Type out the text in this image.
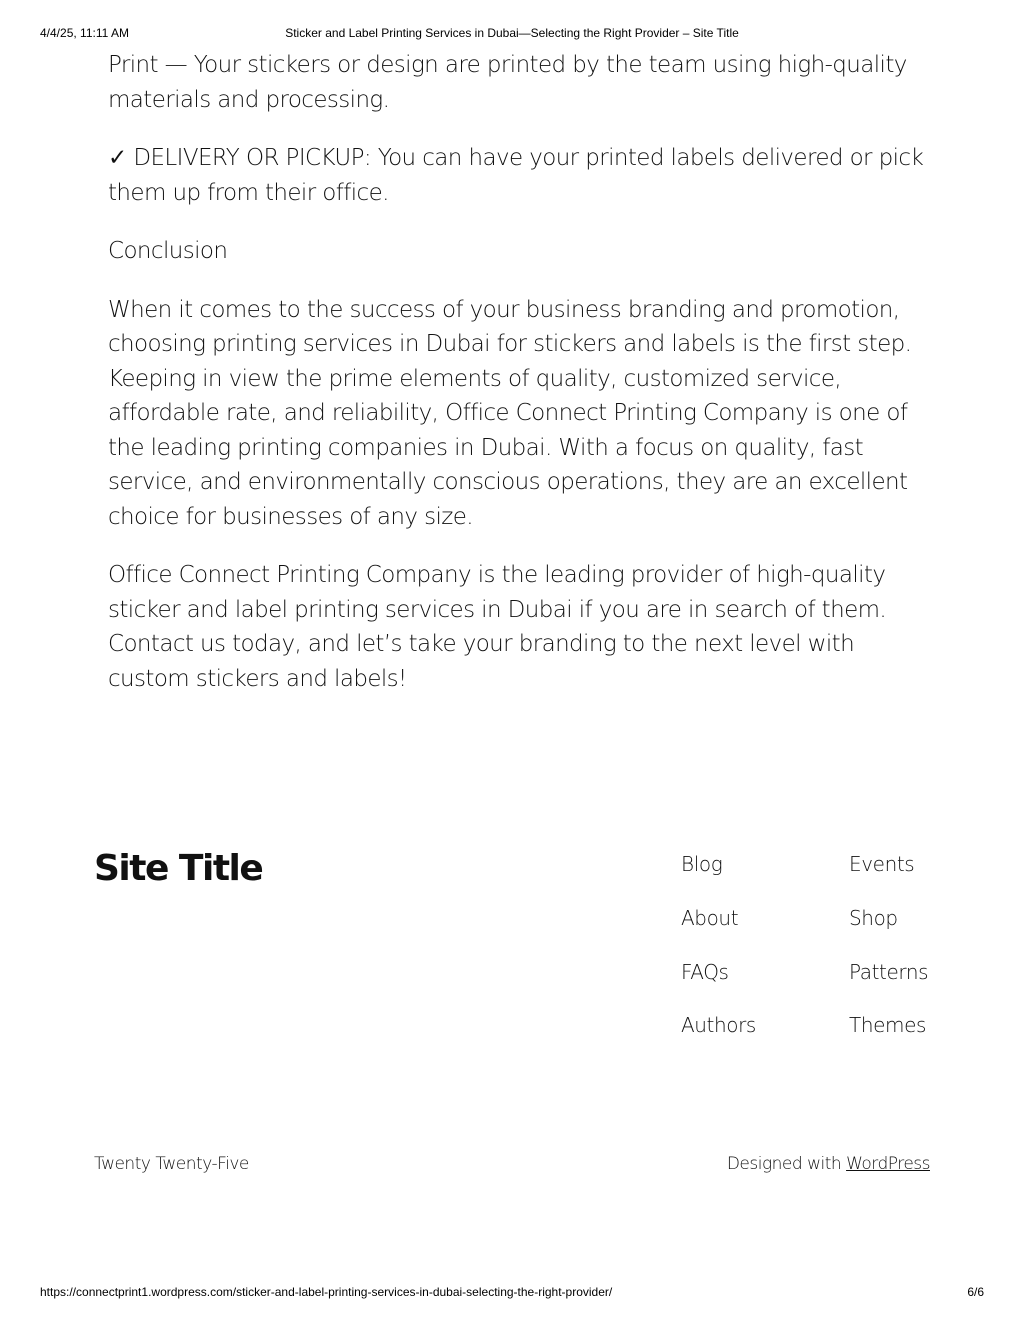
4/4/25, 11:11 AM	Sticker and Label Printing Services in Dubai—Selecting the Right Provider – Site Title

Print — Your stickers or design are printed by the team using high-quality materials and processing.

✓ DELIVERY OR PICKUP: You can have your printed labels delivered or pick them up from their office.

Conclusion

When it comes to the success of your business branding and promotion, choosing printing services in Dubai for stickers and labels is the first step. Keeping in view the prime elements of quality, customized service, affordable rate, and reliability, Office Connect Printing Company is one of the leading printing companies in Dubai. With a focus on quality, fast service, and environmentally conscious operations, they are an excellent choice for businesses of any size.

Office Connect Printing Company is the leading provider of high-quality sticker and label printing services in Dubai if you are in search of them. Contact us today, and let’s take your branding to the next level with custom stickers and labels!

Site Title	Blog
About
FAQs
Authors
Events
Shop
Patterns
Themes
Twenty Twenty-Five	Designed with WordPress
https://connectprint1.wordpress.com/sticker-and-label-printing-services-in-dubai-selecting-the-right-provider/	6/6
